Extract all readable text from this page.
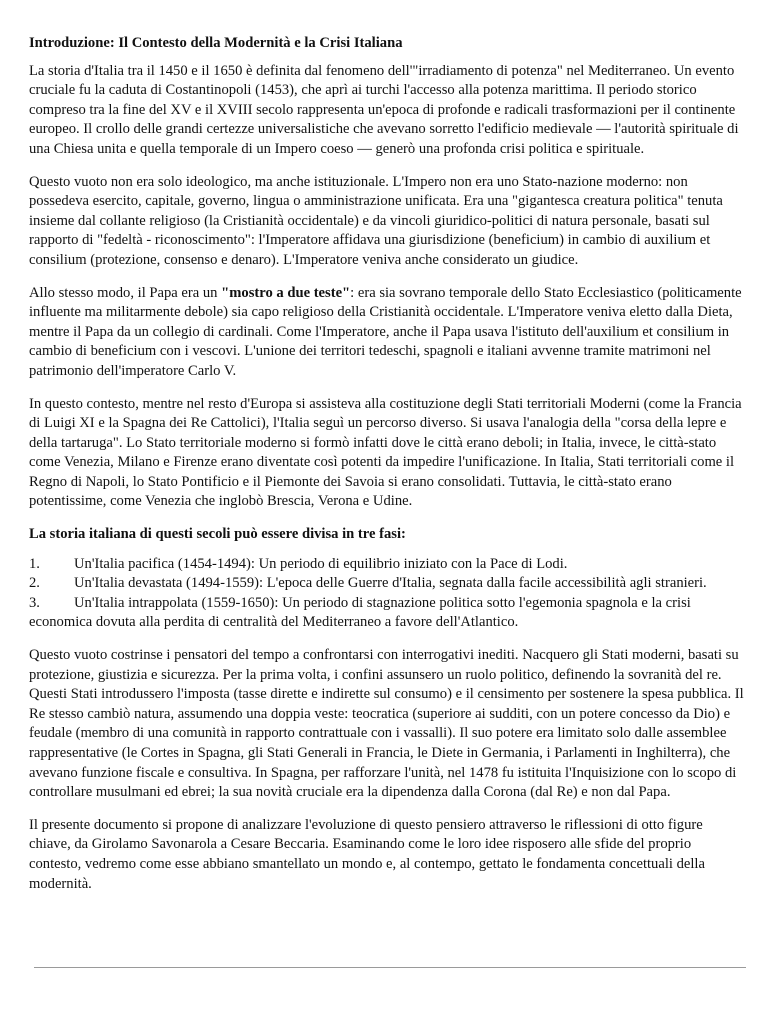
Introduzione: Il Contesto della Modernità e la Crisi Italiana

La storia d'Italia tra il 1450 e il 1650 è definita dal fenomeno dell'"irradiamento di potenza" nel Mediterraneo. Un evento cruciale fu la caduta di Costantinopoli (1453), che aprì ai turchi l'accesso alla potenza marittima. Il periodo storico compreso tra la fine del XV e il XVIII secolo rappresenta un'epoca di profonde e radicali trasformazioni per il continente europeo. Il crollo delle grandi certezze universalistiche che avevano sorretto l'edificio medievale — l'autorità spirituale di una Chiesa unita e quella temporale di un Impero coeso — generò una profonda crisi politica e spirituale.

Questo vuoto non era solo ideologico, ma anche istituzionale. L'Impero non era uno Stato-nazione moderno: non possedeva esercito, capitale, governo, lingua o amministrazione unificata. Era una "gigantesca creatura politica" tenuta insieme dal collante religioso (la Cristianità occidentale) e da vincoli giuridico-politici di natura personale, basati sul rapporto di "fedeltà - riconoscimento": l'Imperatore affidava una giurisdizione (beneficium) in cambio di auxilium et consilium (protezione, consenso e denaro). L'Imperatore veniva anche considerato un giudice.

Allo stesso modo, il Papa era un "mostro a due teste": era sia sovrano temporale dello Stato Ecclesiastico (politicamente influente ma militarmente debole) sia capo religioso della Cristianità occidentale. L'Imperatore veniva eletto dalla Dieta, mentre il Papa da un collegio di cardinali. Come l'Imperatore, anche il Papa usava l'istituto dell'auxilium et consilium in cambio di beneficium con i vescovi. L'unione dei territori tedeschi, spagnoli e italiani avvenne tramite matrimoni nel patrimonio dell'imperatore Carlo V.

In questo contesto, mentre nel resto d'Europa si assisteva alla costituzione degli Stati territoriali Moderni (come la Francia di Luigi XI e la Spagna dei Re Cattolici), l'Italia seguì un percorso diverso. Si usava l'analogia della "corsa della lepre e della tartaruga". Lo Stato territoriale moderno si formò infatti dove le città erano deboli; in Italia, invece, le città-stato come Venezia, Milano e Firenze erano diventate così potenti da impedire l'unificazione. In Italia, Stati territoriali come il Regno di Napoli, lo Stato Pontificio e il Piemonte dei Savoia si erano consolidati. Tuttavia, le città-stato erano potentissime, come Venezia che inglobò Brescia, Verona e Udine.

La storia italiana di questi secoli può essere divisa in tre fasi:

1. Un'Italia pacifica (1454-1494): Un periodo di equilibrio iniziato con la Pace di Lodi.
2. Un'Italia devastata (1494-1559): L'epoca delle Guerre d'Italia, segnata dalla facile accessibilità agli stranieri.
3. Un'Italia intrappolata (1559-1650): Un periodo di stagnazione politica sotto l'egemonia spagnola e la crisi economica dovuta alla perdita di centralità del Mediterraneo a favore dell'Atlantico.

Questo vuoto costrinse i pensatori del tempo a confrontarsi con interrogativi inediti. Nacquero gli Stati moderni, basati su protezione, giustizia e sicurezza. Per la prima volta, i confini assunsero un ruolo politico, definendo la sovranità del re. Questi Stati introdussero l'imposta (tasse dirette e indirette sul consumo) e il censimento per sostenere la spesa pubblica. Il Re stesso cambiò natura, assumendo una doppia veste: teocratica (superiore ai sudditi, con un potere concesso da Dio) e feudale (membro di una comunità in rapporto contrattuale con i vassalli). Il suo potere era limitato solo dalle assemblee rappresentative (le Cortes in Spagna, gli Stati Generali in Francia, le Diete in Germania, i Parlamenti in Inghilterra), che avevano funzione fiscale e consultiva. In Spagna, per rafforzare l'unità, nel 1478 fu istituita l'Inquisizione con lo scopo di controllare musulmani ed ebrei; la sua novità cruciale era la dipendenza dalla Corona (dal Re) e non dal Papa.

Il presente documento si propone di analizzare l'evoluzione di questo pensiero attraverso le riflessioni di otto figure chiave, da Girolamo Savonarola a Cesare Beccaria. Esaminando come le loro idee risposero alle sfide del proprio contesto, vedremo come esse abbiano smantellato un mondo e, al contempo, gettato le fondamenta concettuali della modernità.
